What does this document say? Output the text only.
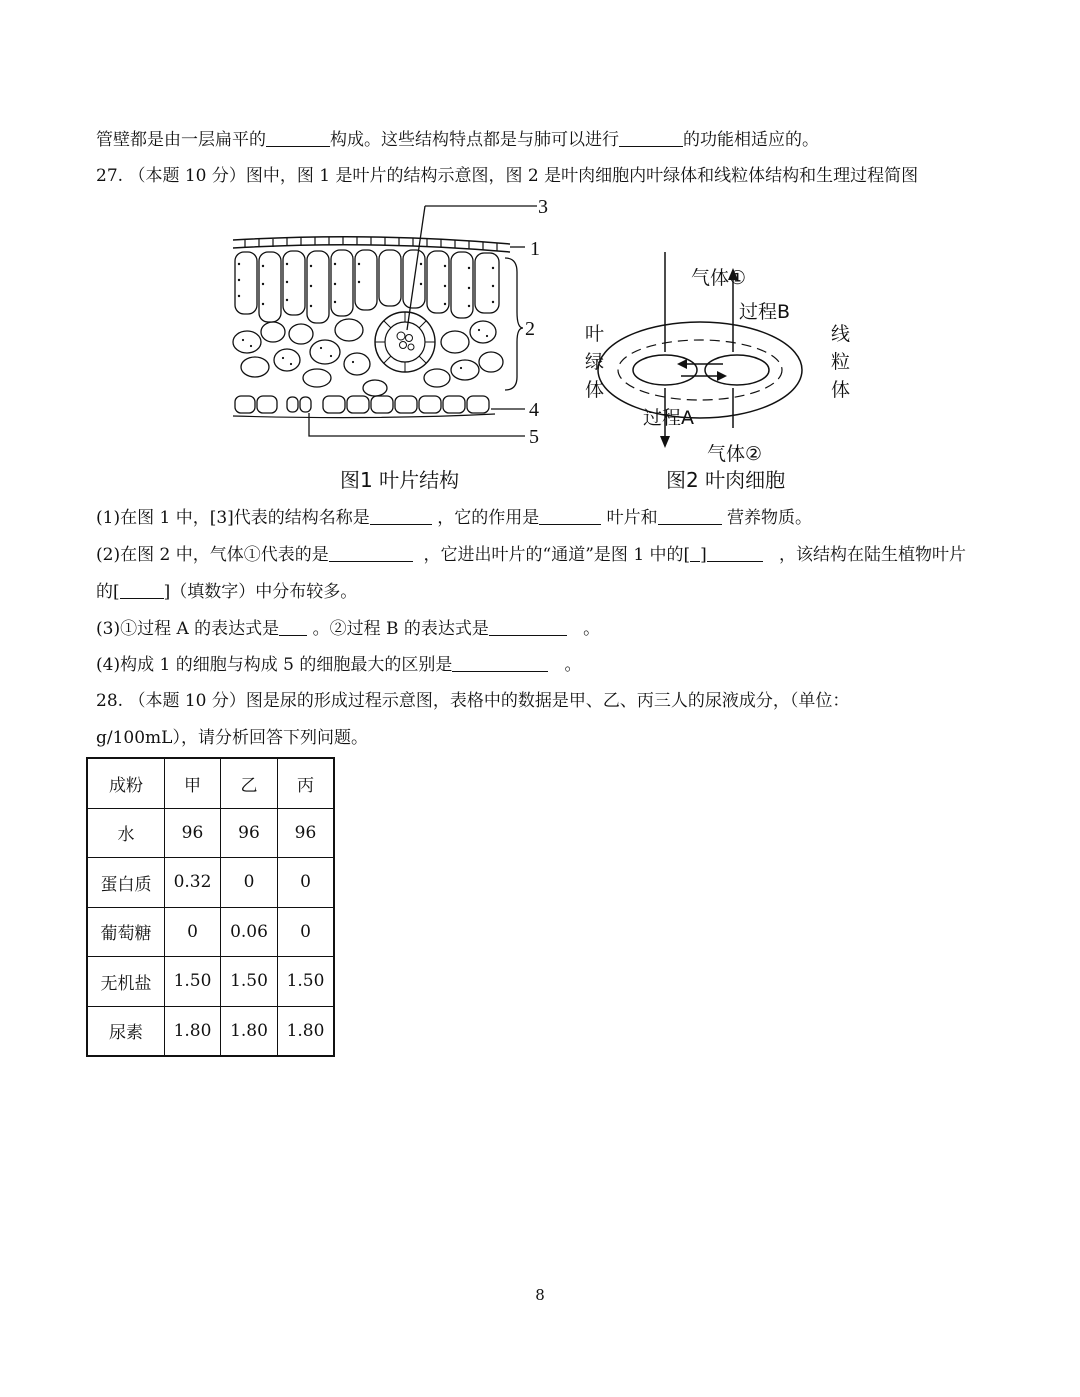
管壁都是由一层扁平的	构成。这些结构特点都是与肺可以进行	的功能相适应的。
27. （本题 10 分）图中，图 1 是叶片的结构示意图，图 2 是叶肉细胞内叶绿体和线粒体结构和生理过程简图
3
1
2
4
5
气体①
过程B
过程A
气体②
叶
绿
体
线
粒
体
图1 叶片结构	图2 叶肉细胞
(1)在图 1 中，[3]代表的结构名称是	，它的作用是	叶片和	营养物质。
(2)在图 2 中，气体①代表的是	，它进出叶片的“通道”是图 1 中的[ ]	，该结构在陆生植物叶片
的[	]（填数字）中分布较多。
(3)①过程 A 的表达式是 。②过程 B 的表达式是	。
(4)构成 1 的细胞与构成 5 的细胞最大的区别是	。
28. （本题 10 分）图是尿的形成过程示意图，表格中的数据是甲、乙、丙三人的尿液成分，（单位：
g/100mL），请分析回答下列问题。
成粉	甲	乙	丙
水	96	96	96
蛋白质	0.32	0	0
葡萄糖	0	0.06	0
无机盐	1.50	1.50	1.50
尿素	1.80	1.80	1.80
8
